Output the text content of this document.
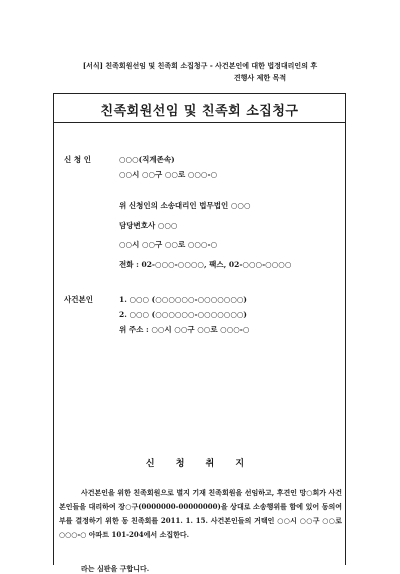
[서식] 친족회원선임 및 친족회 소집청구 - 사건본인에 대한 법정대리인의 후
견행사 제한 목적
친족회원선임 및 친족회 소집청구
신 청 인	○○○(직계존속)
○○시 ○○구 ○○로 ○○○-○
위 신청인의 소송대리인 법무법인 ○○○
담당변호사 ○○○
○○시 ○○구 ○○로 ○○○-○
전화 : 02-○○○-○○○○, 팩스, 02-○○○-○○○○
사건본인	1. ○○○ (○○○○○○-○○○○○○○)
2. ○○○ (○○○○○○-○○○○○○○)
위 주소 : ○○시 ○○구 ○○로 ○○○-○
신 청 취 지
사건본인을 위한 친족회원으로 별지 기재 친족회원을 선임하고, 후견인 망○희가 사건본인들을 대리하여 장○구(0000000-00000000)을 상대로 소송행위를 함에 있어 동의여부를 결정하기 위한 동 친족회를 2011. 1. 15. 사건본인들의 거택인 ○○시 ○○구 ○○로 ○○○-○ 아파트 101-204에서 소집한다.
라는 심판을 구합니다.
